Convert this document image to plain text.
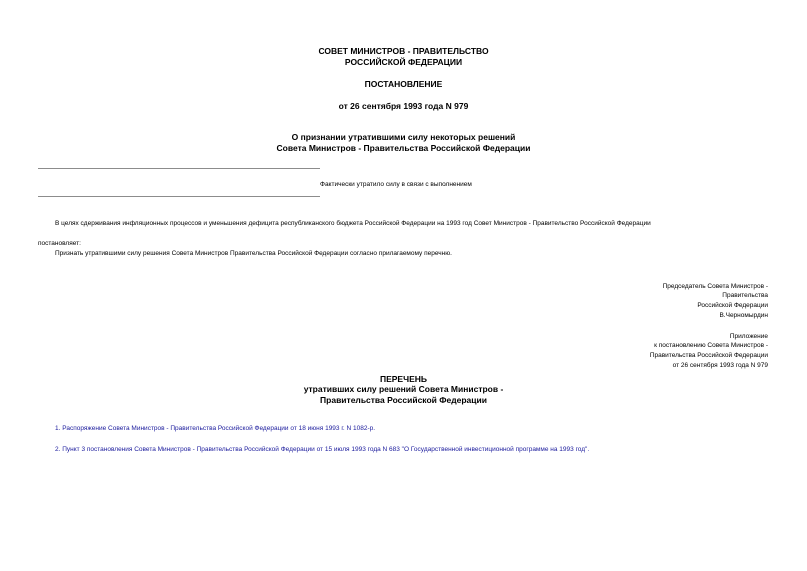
СОВЕТ МИНИСТРОВ - ПРАВИТЕЛЬСТВО
РОССИЙСКОЙ ФЕДЕРАЦИИ
ПОСТАНОВЛЕНИЕ
от 26 сентября 1993 года N 979
О признании утратившими силу некоторых решений
Совета Министров - Правительства Российской Федерации
Фактически утратило силу в связи с выполнением
В целях сдерживания инфляционных процессов и уменьшения дефицита республиканского бюджета Российской Федерации на 1993 год Совет Министров - Правительство Российской Федерации
постановляет:
Признать утратившими силу решения Совета Министров Правительства Российской Федерации согласно прилагаемому перечню.
Председатель Совета Министров -
Правительства
Российской Федерации
В.Черномырдин
Приложение
к постановлению Совета Министров -
Правительства Российской Федерации
от 26 сентября 1993 года N 979
ПЕРЕЧЕНЬ
утративших силу решений Совета Министров -
Правительства Российской Федерации
1. Распоряжение Совета Министров - Правительства Российской Федерации от 18 июня 1993 г. N 1082-р.
2. Пункт 3 постановления Совета Министров - Правительства Российской Федерации от 15 июля 1993 года N 683 "О Государственной инвестиционной программе на 1993 год".
